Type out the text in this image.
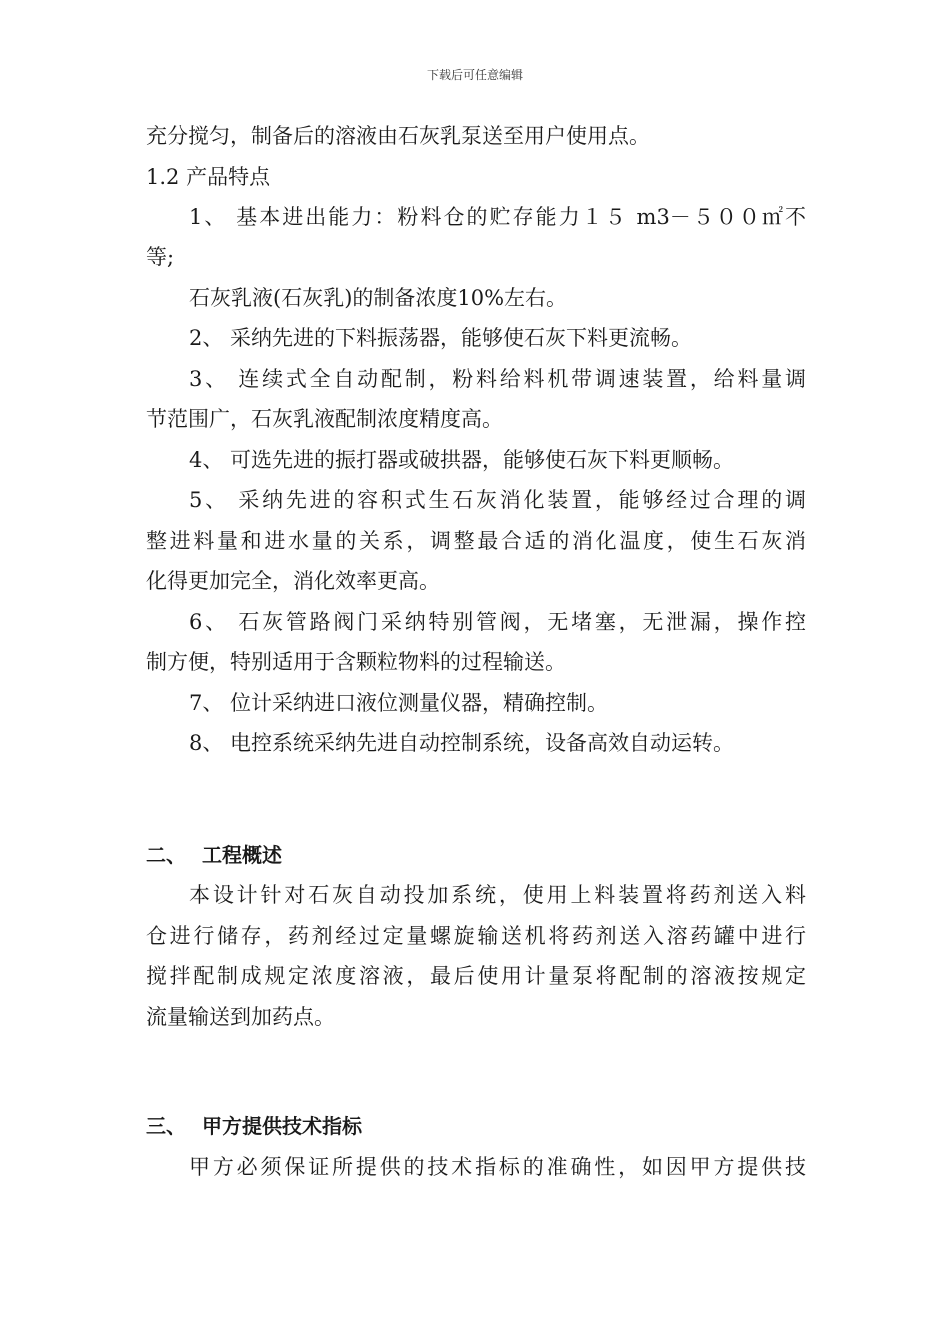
下载后可任意编辑
充分搅匀，制备后的溶液由石灰乳泵送至用户使用点。
1.2 产品特点
1、 基本进出能力：粉料仓的贮存能力１５ m3－５００㎡不
等;
石灰乳液(石灰乳)的制备浓度10%左右。
2、 采纳先进的下料振荡器，能够使石灰下料更流畅。
3、 连续式全自动配制，粉料给料机带调速装置，给料量调
节范围广，石灰乳液配制浓度精度高。
4、 可选先进的振打器或破拱器，能够使石灰下料更顺畅。
5、 采纳先进的容积式生石灰消化装置，能够经过合理的调
整进料量和进水量的关系，调整最合适的消化温度，使生石灰消
化得更加完全，消化效率更高。
6、 石灰管路阀门采纳特别管阀，无堵塞，无泄漏，操作控
制方便，特别适用于含颗粒物料的过程输送。
7、 位计采纳进口液位测量仪器，精确控制。
8、 电控系统采纳先进自动控制系统，设备高效自动运转。
二、 工程概述
本设计针对石灰自动投加系统，使用上料装置将药剂送入料
仓进行储存，药剂经过定量螺旋输送机将药剂送入溶药罐中进行
搅拌配制成规定浓度溶液，最后使用计量泵将配制的溶液按规定
流量输送到加药点。
三、 甲方提供技术指标
甲方必须保证所提供的技术指标的准确性，如因甲方提供技
